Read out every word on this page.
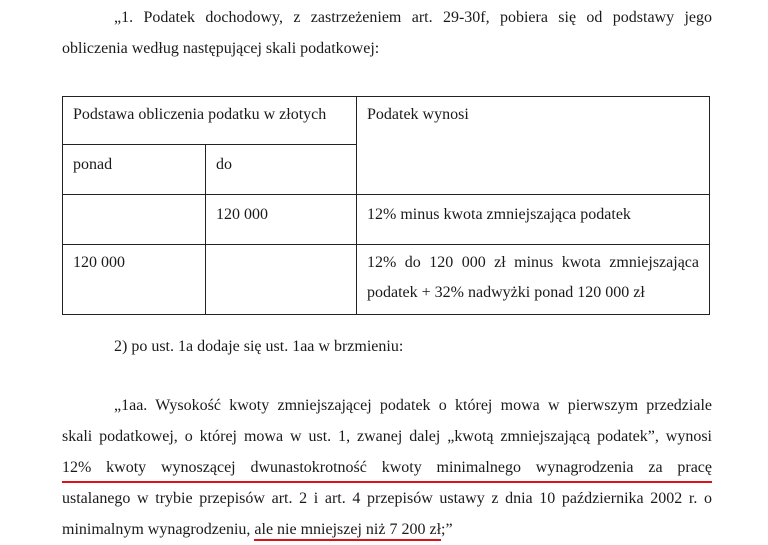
„1. Podatek dochodowy, z zastrzeżeniem art. 29-30f, pobiera się od podstawy jego
obliczenia według następującej skali podatkowej:
Podstawa obliczenia podatku w złotych		Podatek wynosi
ponad	do	
	120 000	12% minus kwota zmniejszająca podatek
120 000		12% do 120 000 zł minus kwota zmniejszająca
podatek + 32% nadwyżki ponad 120 000 zł
2) po ust. 1a dodaje się ust. 1aa w brzmieniu:
„1aa. Wysokość kwoty zmniejszającej podatek o której mowa w pierwszym przedziale
skali podatkowej, o której mowa w ust. 1, zwanej dalej „kwotą zmniejszającą podatek”, wynosi
12% kwoty wynoszącej dwunastokrotność kwoty minimalnego wynagrodzenia za pracę
ustalanego w trybie przepisów art. 2 i art. 4 przepisów ustawy z dnia 10 października 2002 r. o
minimalnym wynagrodzeniu, ale nie mniejszej niż 7 200 zł;”
